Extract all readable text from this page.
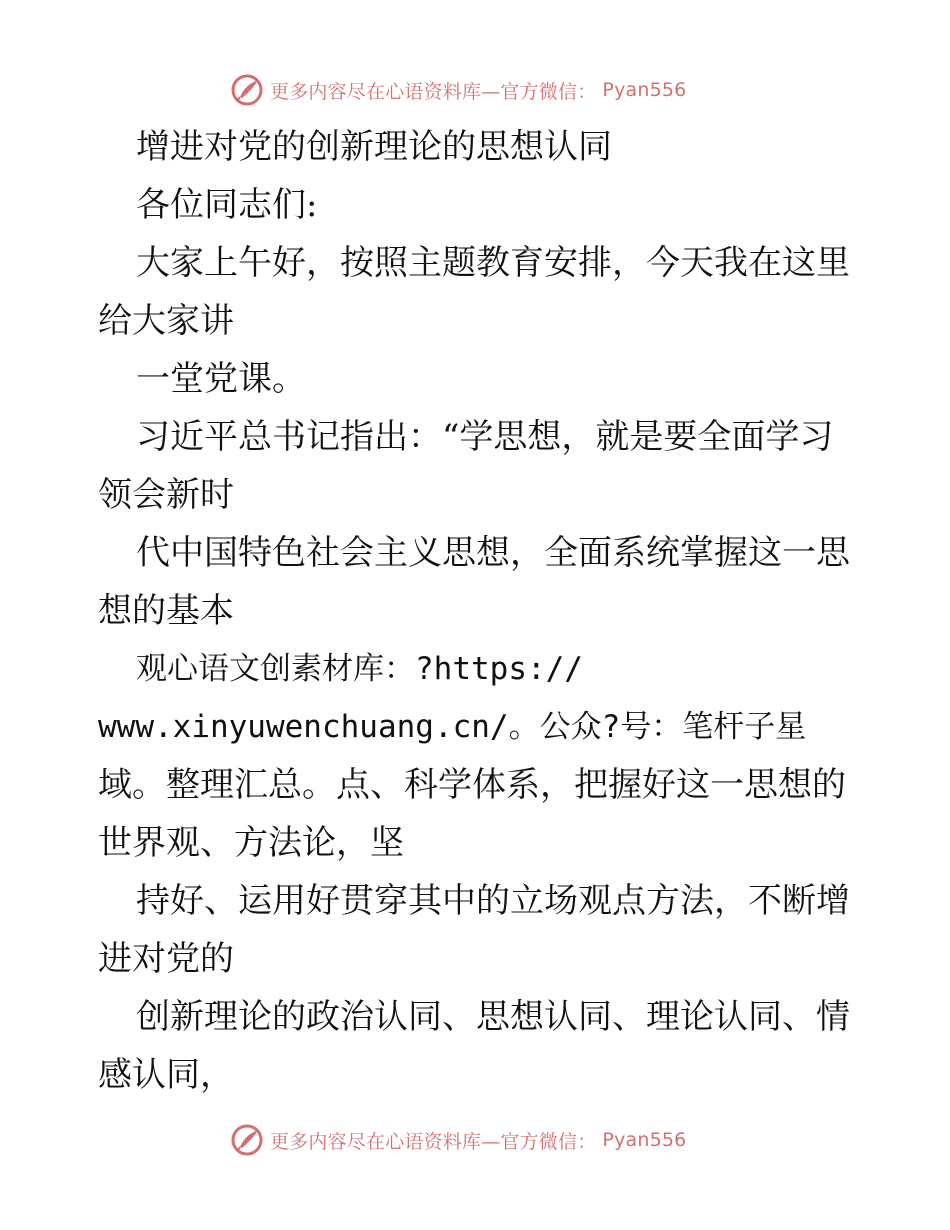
更多内容尽在心语资料库—官方微信： Pyan556
增进对党的创新理论的思想认同
各位同志们:
大家上午好，按照主题教育安排，今天我在这里
给大家讲
一堂党课。
习近平总书记指出：“学思想，就是要全面学习
领会新时
代中国特色社会主义思想，全面系统掌握这一思
想的基本
观心语文创素材库：?https://
www.xinyuwenchuang.cn/。公众?号：笔杆子星
域。整理汇总。点、科学体系，把握好这一思想的
世界观、方法论，坚
持好、运用好贯穿其中的立场观点方法，不断增
进对党的
创新理论的政治认同、思想认同、理论认同、情
感认同，
更多内容尽在心语资料库—官方微信： Pyan556
